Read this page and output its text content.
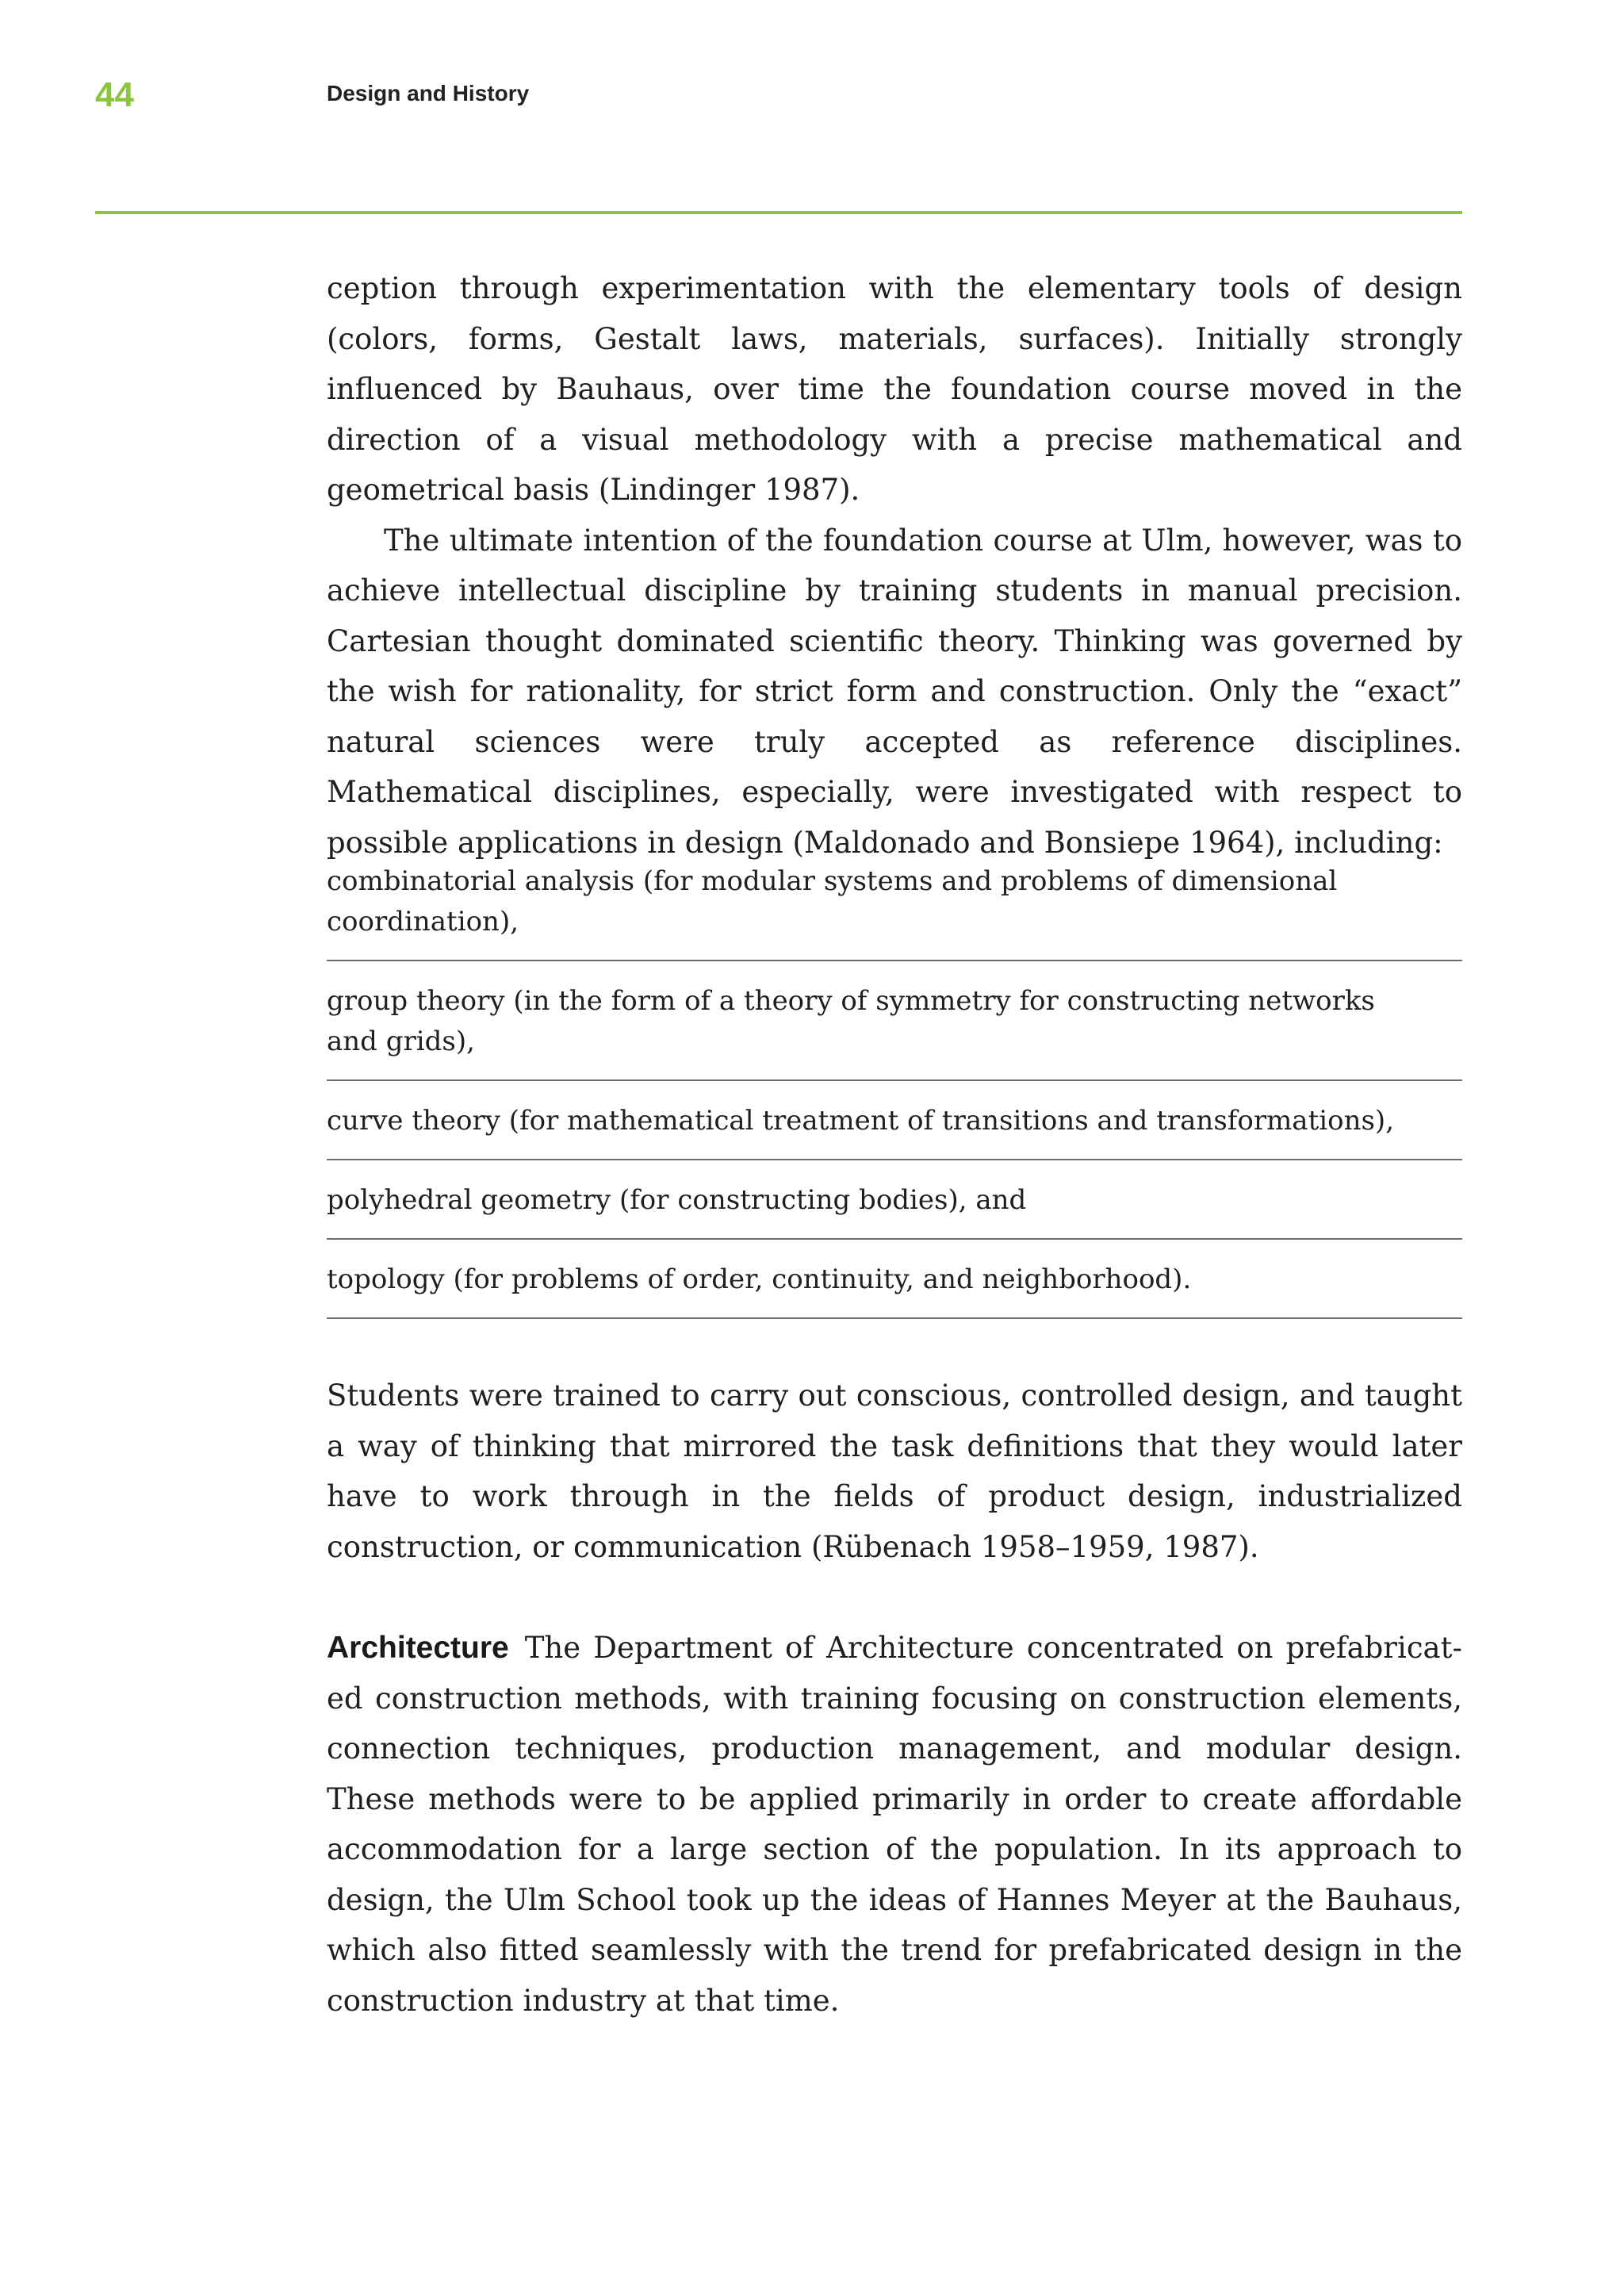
44	Design and History

ception through experimentation with the elementary tools of design (colors, forms, Gestalt laws, materials, surfaces). Initially strongly influenced by Bauhaus, over time the foundation course moved in the direction of a visual methodology with a precise mathematical and geometrical basis (Lindinger 1987).

The ultimate intention of the foundation course at Ulm, however, was to achieve intellectual discipline by training students in manual precision. Cartesian thought dominated scientific theory. Thinking was governed by the wish for rationality, for strict form and construction. Only the “exact” natural sciences were truly accepted as reference disciplines. Mathematical disciplines, especially, were investigated with respect to possible applications in design (Maldonado and Bonsiepe 1964), including:

combinatorial analysis (for modular systems and problems of dimensional coordination),
group theory (in the form of a theory of symmetry for constructing networks and grids),
curve theory (for mathematical treatment of transitions and transformations),
polyhedral geometry (for constructing bodies), and
topology (for problems of order, continuity, and neighborhood).

Students were trained to carry out conscious, controlled design, and taught a way of thinking that mirrored the task definitions that they would later have to work through in the fields of product design, industrialized construction, or communication (Rübenach 1958–1959, 1987).

Architecture The Department of Architecture concentrated on prefabricated construction methods, with training focusing on construction elements, connection techniques, production management, and modular design. These methods were to be applied primarily in order to create affordable accommodation for a large section of the population. In its approach to design, the Ulm School took up the ideas of Hannes Meyer at the Bauhaus, which also fitted seamlessly with the trend for prefabricated design in the construction industry at that time.
